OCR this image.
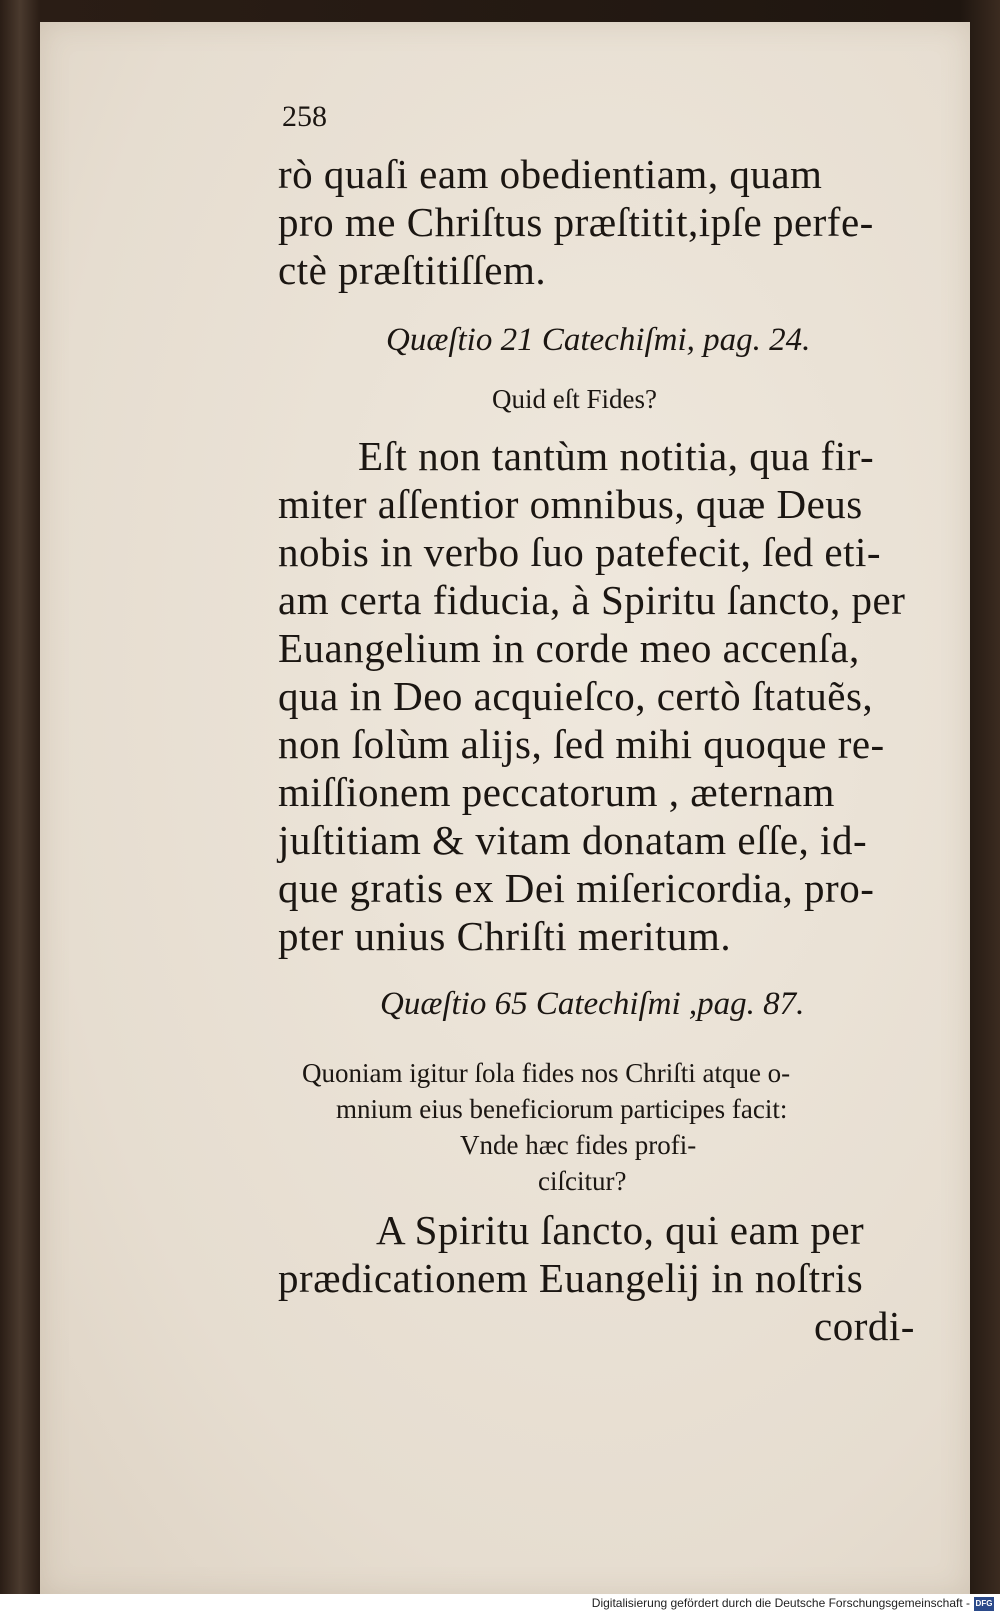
258
rò quaſi eam obedientiam, quam
pro me Chriſtus præſtitit,ipſe perfe-
ctè præſtitiſſem.
Quæſtio 21 Catechiſmi, pag. 24.
Quid eſt Fides?
Eſt non tantùm notitia, qua fir-
miter aſſentior omnibus, quæ Deus
nobis in verbo ſuo patefecit, ſed eti-
am certa fiducia, à Spiritu ſancto, per
Euangelium in corde meo accenſa,
qua in Deo acquieſco, certò ſtatuẽs,
non ſolùm alijs, ſed mihi quoque re-
miſſionem peccatorum , æternam
juſtitiam & vitam donatam eſſe, id-
que gratis ex Dei miſericordia, pro-
pter unius Chriſti meritum.
Quæſtio 65 Catechiſmi ,pag. 87.
Quoniam igitur ſola fides nos Chriſti atque o-
mnium eius beneficiorum participes facit:
Vnde hæc fides profi-
ciſcitur?
A Spiritu ſancto, qui eam per
prædicationem Euangelij in noſtris
cordi-
Digitalisierung gefördert durch die Deutsche Forschungsgemeinschaft - DFG
